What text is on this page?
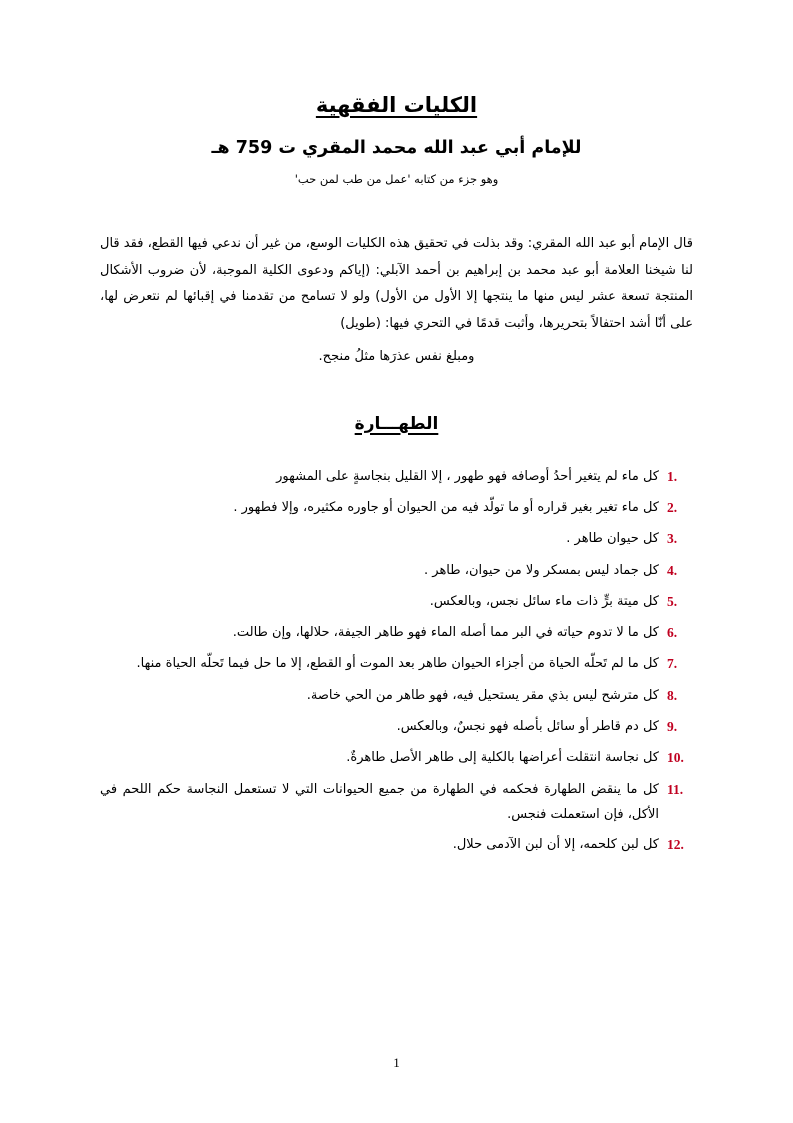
الكليات الفقهية
للإمام أبي عبد الله محمد المقري ت 759 هـ
وهو جزء من كتابه 'عمل من طب لمن حب'

قال الإمام أبو عبد الله المقري: وقد بذلت في تحقيق هذه الكليات الوسع، من غير أن ندعي فيها القطع، فقد قال لنا شيخنا العلامة أبو عبد محمد بن إبراهيم بن أحمد الآبلي: (إياكم ودعوى الكلية الموجبة، لأن ضروب الأشكال المنتجة تسعة عشر ليس منها ما ينتجها إلا الأول من الأول) ولو لا تسامح من تقدمنا في إقبائها لم نتعرض لها، على أنّا أشد احتفالاً بتحريرها، وأثبت قدمًا في التحري فيها: (طويل)

ومبلغ نفس عذرَها مثلُ منجح.

الطهـــارة
1.
كل ماء لم يتغير أحدُ أوصافه فهو طهور ، إلا القليل بنجاسةٍ على المشهور
2.
كل ماء تغير بغير قراره أو ما تولّد فيه من الحيوان أو جاوره مكثيره، وإلا فطهور .
3.
كل حيوان طاهر .
4.
كل جماد ليس بمسكر ولا من حيوان، طاهر .
5.
كل ميتة برٍّ ذات ماء سائل نجس، وبالعكس.
6.
كل ما لا تدوم حياته في البر مما أصله الماء فهو طاهر الجيفة، حلالها، وإن طالت.
7.
كل ما لم تَحلّه الحياة من أجزاء الحيوان طاهر بعد الموت أو القطع، إلا ما حل فيما تَحلّه الحياة منها.
8.
كل مترشح ليس بذي مقر يستحيل فيه، فهو طاهر من الحي خاصة.
9.
كل دم قاطر أو سائل بأصله فهو نجسٌ، وبالعكس.
10.
كل نجاسة انتقلت أعراضها بالكلية إلى طاهر الأصل طاهرةٌ.
11.
كل ما ينقض الطهارة فحكمه في الطهارة من جميع الحيوانات التي لا تستعمل النجاسة حكم اللحم في الأكل، فإن استعملت فنجس.
12.
كل لبن كلحمه، إلا أن لبن الآدمى حلال.
1
